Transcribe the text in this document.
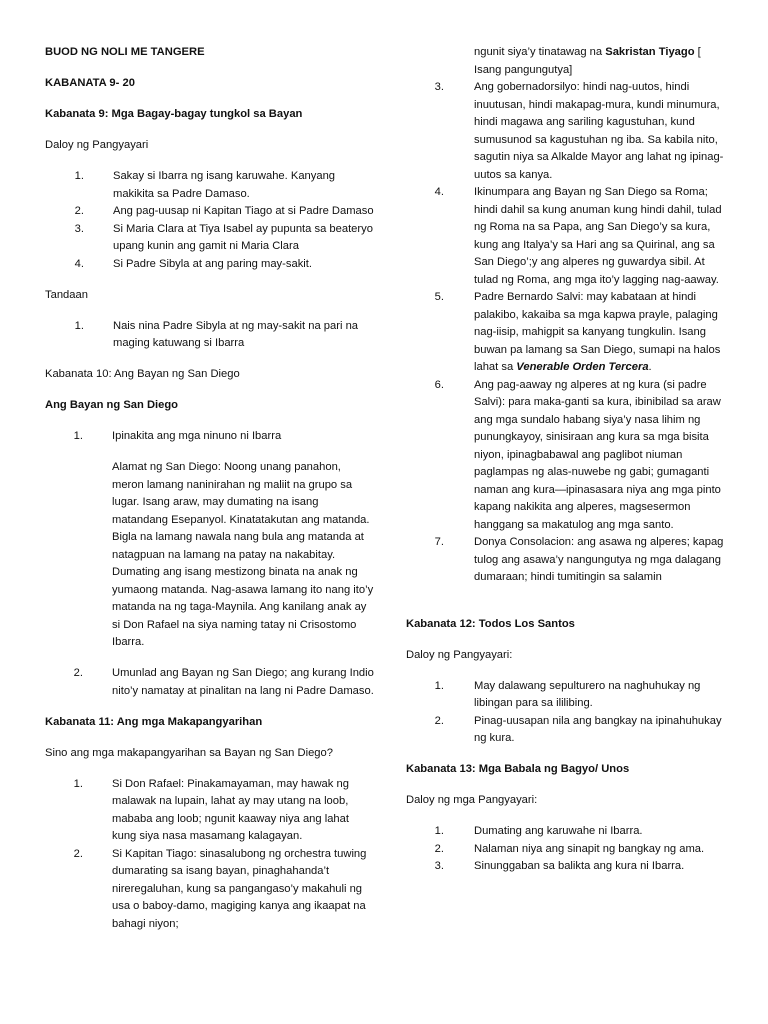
BUOD NG NOLI ME TANGERE

KABANATA 9- 20

Kabanata 9: Mga Bagay-bagay tungkol sa Bayan

Daloy ng Pangyayari

1.	Sakay si Ibarra ng isang karuwahe. Kanyang makikita sa Padre Damaso.
2.	Ang pag-uusap ni Kapitan Tiago at si Padre Damaso
3.	Si Maria Clara at Tiya Isabel ay pupunta sa beateryo upang kunin ang gamit ni Maria Clara
4.	Si Padre Sibyla at ang paring may-sakit.

Tandaan

1.	Nais nina Padre Sibyla at ng may-sakit na pari na maging katuwang si Ibarra

Kabanata 10: Ang Bayan ng San Diego

Ang Bayan ng San Diego

1.	Ipinakita ang mga ninuno ni Ibarra

Alamat ng San Diego: Noong unang panahon, meron lamang naninirahan ng maliit na grupo sa lugar. Isang araw, may dumating na isang matandang Esepanyol. Kinatatakutan ang matanda. Bigla na lamang nawala nang bula ang matanda at natagpuan na lamang na patay na nakabitay. Dumating ang isang mestizong binata na anak ng yumaong matanda. Nag-asawa lamang ito nang ito’y matanda na ng taga-Maynila. Ang kanilang anak ay si Don Rafael na siya naming tatay ni Crisostomo Ibarra.

2.	Umunlad ang Bayan ng San Diego; ang kurang Indio nito’y namatay at pinalitan na lang ni Padre Damaso.

Kabanata 11: Ang mga Makapangyarihan

Sino ang mga makapangyarihan sa Bayan ng San Diego?

1.	Si Don Rafael: Pinakamayaman, may hawak ng malawak na lupain, lahat ay may utang na loob, mababa ang loob; ngunit kaaway niya ang lahat kung siya nasa masamang kalagayan.
2.	Si Kapitan Tiago: sinasalubong ng orchestra tuwing dumarating sa isang bayan, pinaghahanda’t nireregaluhan, kung sa pangangaso’y makahuli ng usa o baboy-damo, magiging kanya ang ikaapat na bahagi niyon;

ngunit siya’y tinatawag na Sakristan Tiyago [ Isang pangungutya]

3.	Ang gobernadorsilyo: hindi nag-uutos, hindi inuutusan, hindi makapag-mura, kundi minumura, hindi magawa ang sariling kagustuhan, kund sumusunod sa kagustuhan ng iba. Sa kabila nito, sagutin niya sa Alkalde Mayor ang lahat ng ipinag-uutos sa kanya.
4.	Ikinumpara ang Bayan ng San Diego sa Roma; hindi dahil sa kung anuman kung hindi dahil, tulad ng Roma na sa Papa, ang San Diego’y sa kura, kung ang Italya’y sa Hari ang sa Quirinal, ang sa San Diego’;y ang alperes ng guwardya sibil. At tulad ng Roma, ang mga ito’y lagging nag-aaway.
5.	Padre Bernardo Salvi: may kabataan at hindi palakibo, kakaiba sa mga kapwa prayle, palaging nag-iisip, mahigpit sa kanyang tungkulin. Isang buwan pa lamang sa San Diego, sumapi na halos lahat sa Venerable Orden Tercera.
6.	Ang pag-aaway ng alperes at ng kura (si padre Salvi): para maka-ganti sa kura, ibinibilad sa araw ang mga sundalo habang siya’y nasa lihim ng punungkayoy, sinisiraan ang kura sa mga bisita niyon, ipinagbabawal ang paglibot niuman paglampas ng alas-nuwebe ng gabi; gumaganti naman ang kura—ipinasasara niya ang mga pinto kapang nakikita ang alperes, magsesermon hanggang sa makatulog ang mga santo.
7.	Donya Consolacion: ang asawa ng alperes; kapag tulog ang asawa’y nangungutya ng mga dalagang dumaraan; hindi tumitingin sa salamin

Kabanata 12: Todos Los Santos

Daloy ng Pangyayari:

1.	May dalawang sepulturero na naghuhukay ng libingan para sa ililibing.
2.	Pinag-uusapan nila ang bangkay na ipinahuhukay ng kura.

Kabanata 13: Mga Babala ng Bagyo/ Unos

Daloy ng mga Pangyayari:

1.	Dumating ang karuwahe ni Ibarra.
2.	Nalaman niya ang sinapit ng bangkay ng ama.
3.	Sinunggaban sa balikta ang kura ni Ibarra.
